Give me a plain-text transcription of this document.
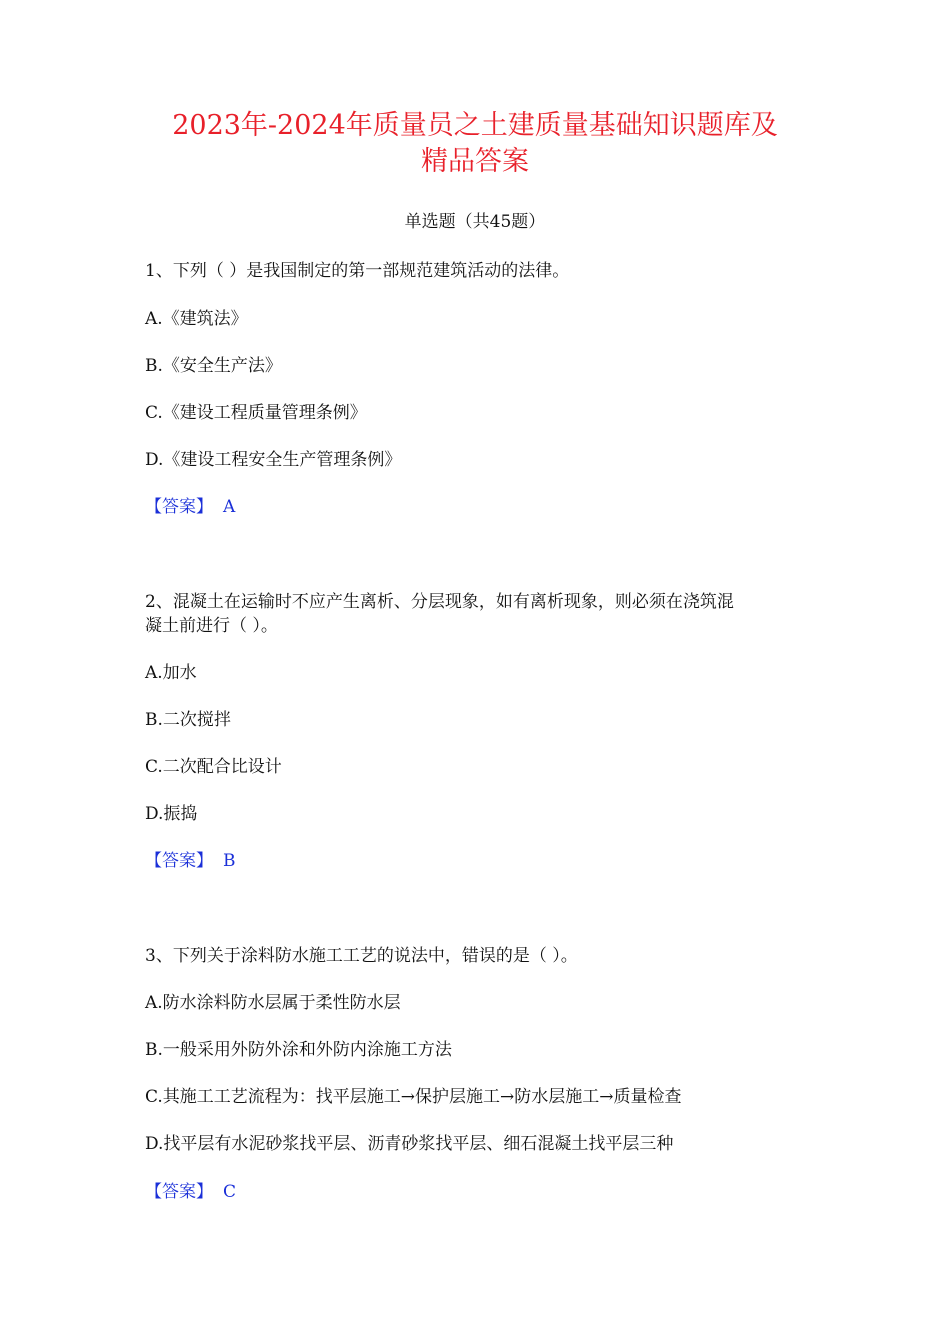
2023年-2024年质量员之土建质量基础知识题库及
精品答案
单选题（共45题）
1、下列（ ）是我国制定的第一部规范建筑活动的法律。
A.《建筑法》
B.《安全生产法》
C.《建设工程质量管理条例》
D.《建设工程安全生产管理条例》
【答案】 A
2、混凝土在运输时不应产生离析、分层现象，如有离析现象，则必须在浇筑混
凝土前进行（ ）。
A.加水
B.二次搅拌
C.二次配合比设计
D.振捣
【答案】 B
3、下列关于涂料防水施工工艺的说法中，错误的是（ ）。
A.防水涂料防水层属于柔性防水层
B.一般采用外防外涂和外防内涂施工方法
C.其施工工艺流程为：找平层施工→保护层施工→防水层施工→质量检查
D.找平层有水泥砂浆找平层、沥青砂浆找平层、细石混凝土找平层三种
【答案】 C
